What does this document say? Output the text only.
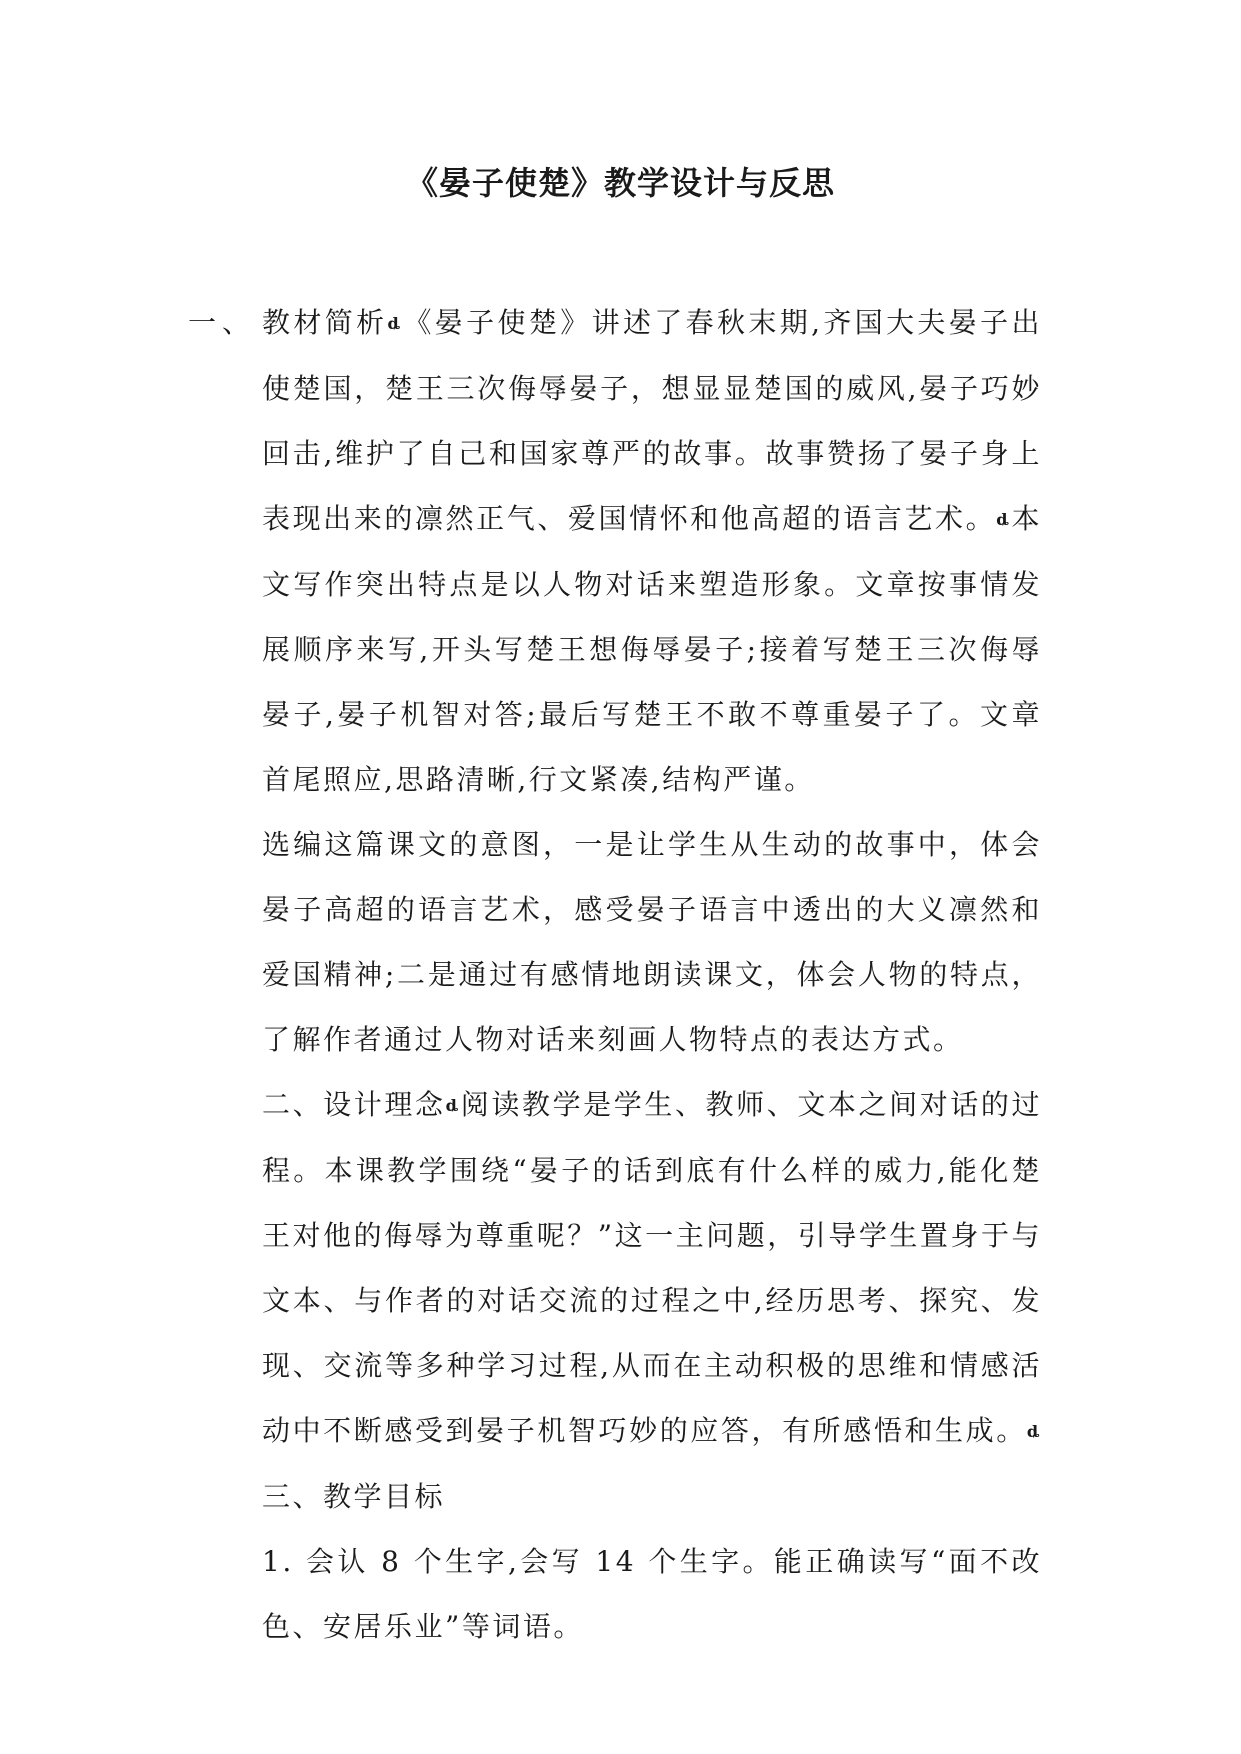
《晏子使楚》教学设计与反思
一、 教材简析ȡ《晏子使楚》讲述了春秋末期,齐国大夫晏子出使楚国，楚王三次侮辱晏子，想显显楚国的威风,晏子巧妙回击,维护了自己和国家尊严的故事。故事赞扬了晏子身上表现出来的凛然正气、爱国情怀和他高超的语言艺术。ȡ本文写作突出特点是以人物对话来塑造形象。文章按事情发展顺序来写,开头写楚王想侮辱晏子;接着写楚王三次侮辱晏子,晏子机智对答;最后写楚王不敢不尊重晏子了。文章首尾照应,思路清晰,行文紧凑,结构严谨。

选编这篇课文的意图，一是让学生从生动的故事中，体会晏子高超的语言艺术，感受晏子语言中透出的大义凛然和爱国精神;二是通过有感情地朗读课文，体会人物的特点，了解作者通过人物对话来刻画人物特点的表达方式。

二、设计理念ȡ阅读教学是学生、教师、文本之间对话的过程。本课教学围绕“晏子的话到底有什么样的威力,能化楚王对他的侮辱为尊重呢？”这一主问题，引导学生置身于与文本、与作者的对话交流的过程之中,经历思考、探究、发现、交流等多种学习过程,从而在主动积极的思维和情感活动中不断感受到晏子机智巧妙的应答，有所感悟和生成。ȡ三、教学目标

1. 会认 8 个生字,会写 14 个生字。能正确读写“面不改色、安居乐业”等词语。
